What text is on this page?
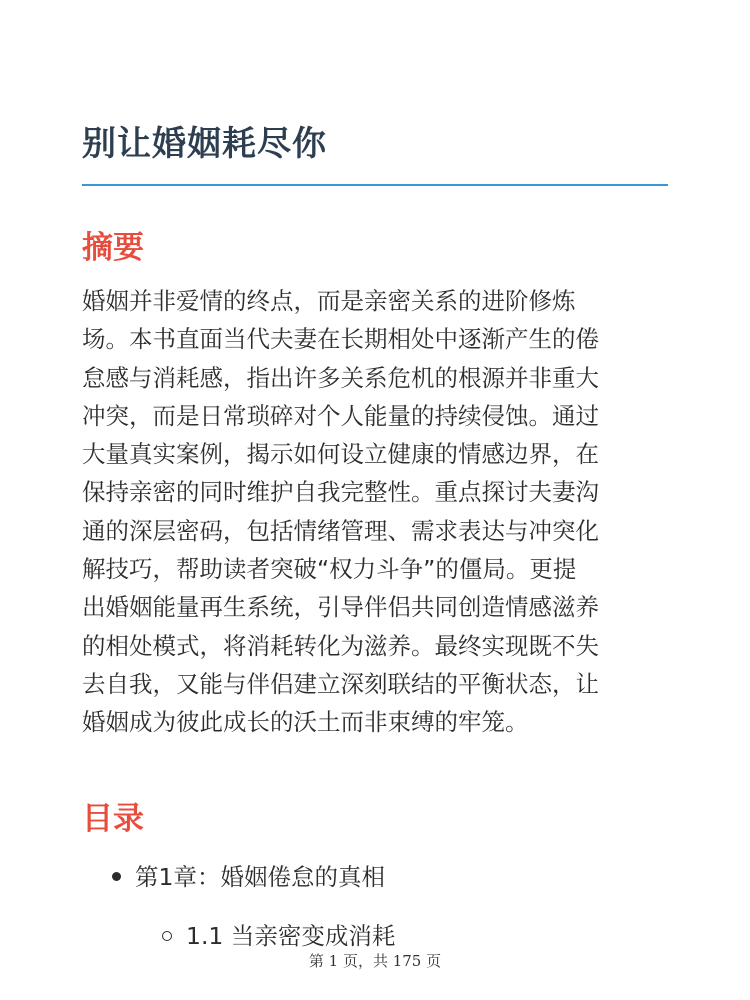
别让婚姻耗尽你
摘要

婚姻并非爱情的终点，而是亲密关系的进阶修炼
场。本书直面当代夫妻在长期相处中逐渐产生的倦
怠感与消耗感，指出许多关系危机的根源并非重大
冲突，而是日常琐碎对个人能量的持续侵蚀。通过
大量真实案例，揭示如何设立健康的情感边界，在
保持亲密的同时维护自我完整性。重点探讨夫妻沟
通的深层密码，包括情绪管理、需求表达与冲突化
解技巧，帮助读者突破“权力斗争”的僵局。更提
出婚姻能量再生系统，引导伴侣共同创造情感滋养
的相处模式，将消耗转化为滋养。最终实现既不失
去自我，又能与伴侣建立深刻联结的平衡状态，让
婚姻成为彼此成长的沃土而非束缚的牢笼。

目录
第1章：婚姻倦怠的真相
1.1 当亲密变成消耗
第 1 页，共 175 页
